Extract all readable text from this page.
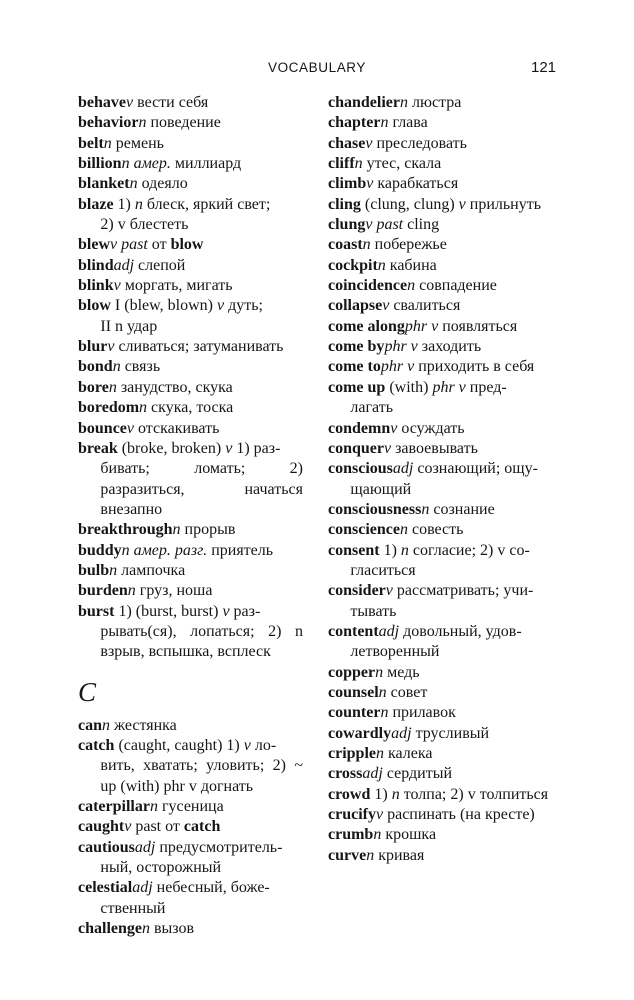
VOCABULARY	121
behavev вести себя
behaviorn поведение
beltn ремень
billionn амер. миллиард
blanketn одеяло
blaze 1) n блеск, яркий свет;
2) v блестеть
blewv past от blow
blindadj слепой
blinkv моргать, мигать
blow I (blew, blown) v дуть;
II n удар
blurv сливаться; затуманивать
bondn связь
boren занудство, скука
boredomn скука, тоска
bouncev отскакивать
break (broke, broken) v 1) раз-
бивать; ломать; 2) разразиться, начаться внезапно
breakthroughn прорыв
buddyn амер. разг. приятель
bulbn лампочка
burdenn груз, ноша
burst 1) (burst, burst) v раз-
рывать(ся), лопаться; 2) n взрыв, вспышка, всплеск
C
cann жестянка
catch (caught, caught) 1) v ло-
вить, хватать; уловить; 2) ~ up (with) phr v догнать
caterpillarn гусеница
caughtv past от catch
cautiousadj предусмотритель-
ный, осторожный
celestialadj небесный, боже-
ственный
challengen вызов
chandeliern люстра
chaptern глава
chasev преследовать
cliffn утес, скала
climbv карабкаться
cling (clung, clung) v прильнуть
clungv past cling
coastn побережье
cockpitn кабина
coincidencen совпадение
collapsev свалиться
come alongphr v появляться
come byphr v заходить
come tophr v приходить в себя
come up (with) phr v пред-
лагать
condemnv осуждать
conquerv завоевывать
consciousadj сознающий; ощу-
щающий
consciousnessn сознание
consciencen совесть
consent 1) n согласие; 2) v со-
гласиться
considerv рассматривать; учи-
тывать
contentadj довольный, удов-
летворенный
coppern медь
counseln совет
countern прилавок
cowardlyadj трусливый
cripplen калека
crossadj сердитый
crowd 1) n толпа; 2) v толпиться
crucifyv распинать (на кресте)
crumbn крошка
curven кривая
